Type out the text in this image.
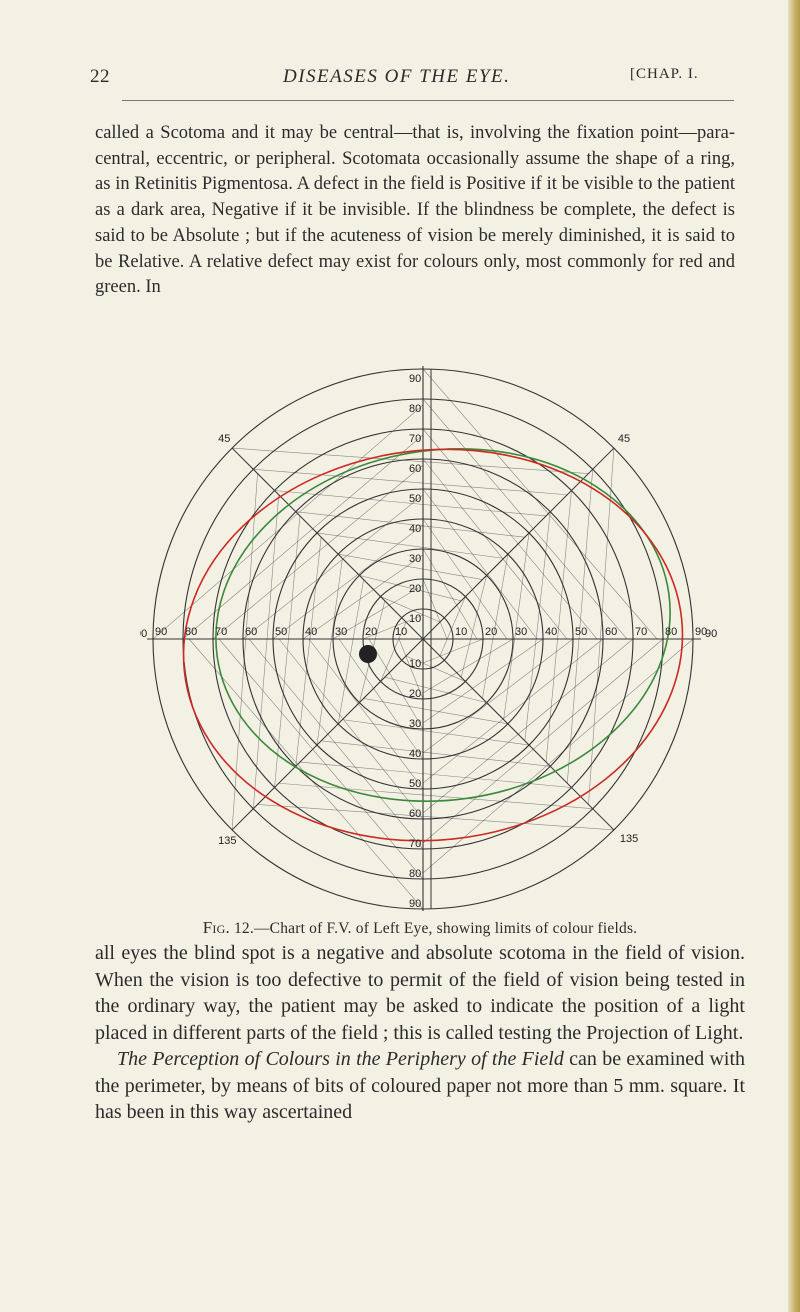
22	DISEASES OF THE EYE.	[CHAP. I.

called a Scotoma and it may be central—that is, involving the fixation point—para-central, eccentric, or peripheral. Scotomata occasionally assume the shape of a ring, as in Retinitis Pigmentosa. A defect in the field is Positive if it be visible to the patient as a dark area, Negative if it be invisible. If the blindness be complete, the defect is said to be Absolute ; but if the acuteness of vision be merely diminished, it is said to be Relative. A relative defect may exist for colours only, most commonly for red and green. In

10
10
10
10
20
20
20
20
30
30
30
30
40
40
40
40
50
50
50
50
60
60
60
60
70
70
70
70
80
80
80
80
90
90
90
90
90
0
45	45
135
135
Fig. 12.—Chart of F.V. of Left Eye, showing limits of colour fields.

all eyes the blind spot is a negative and absolute scotoma in the field of vision. When the vision is too defective to permit of the field of vision being tested in the ordinary way, the patient may be asked to indicate the position of a light placed in different parts of the field ; this is called testing the Projection of Light.

The Perception of Colours in the Periphery of the Field can be examined with the perimeter, by means of bits of coloured paper not more than 5 mm. square. It has been in this way ascertained
